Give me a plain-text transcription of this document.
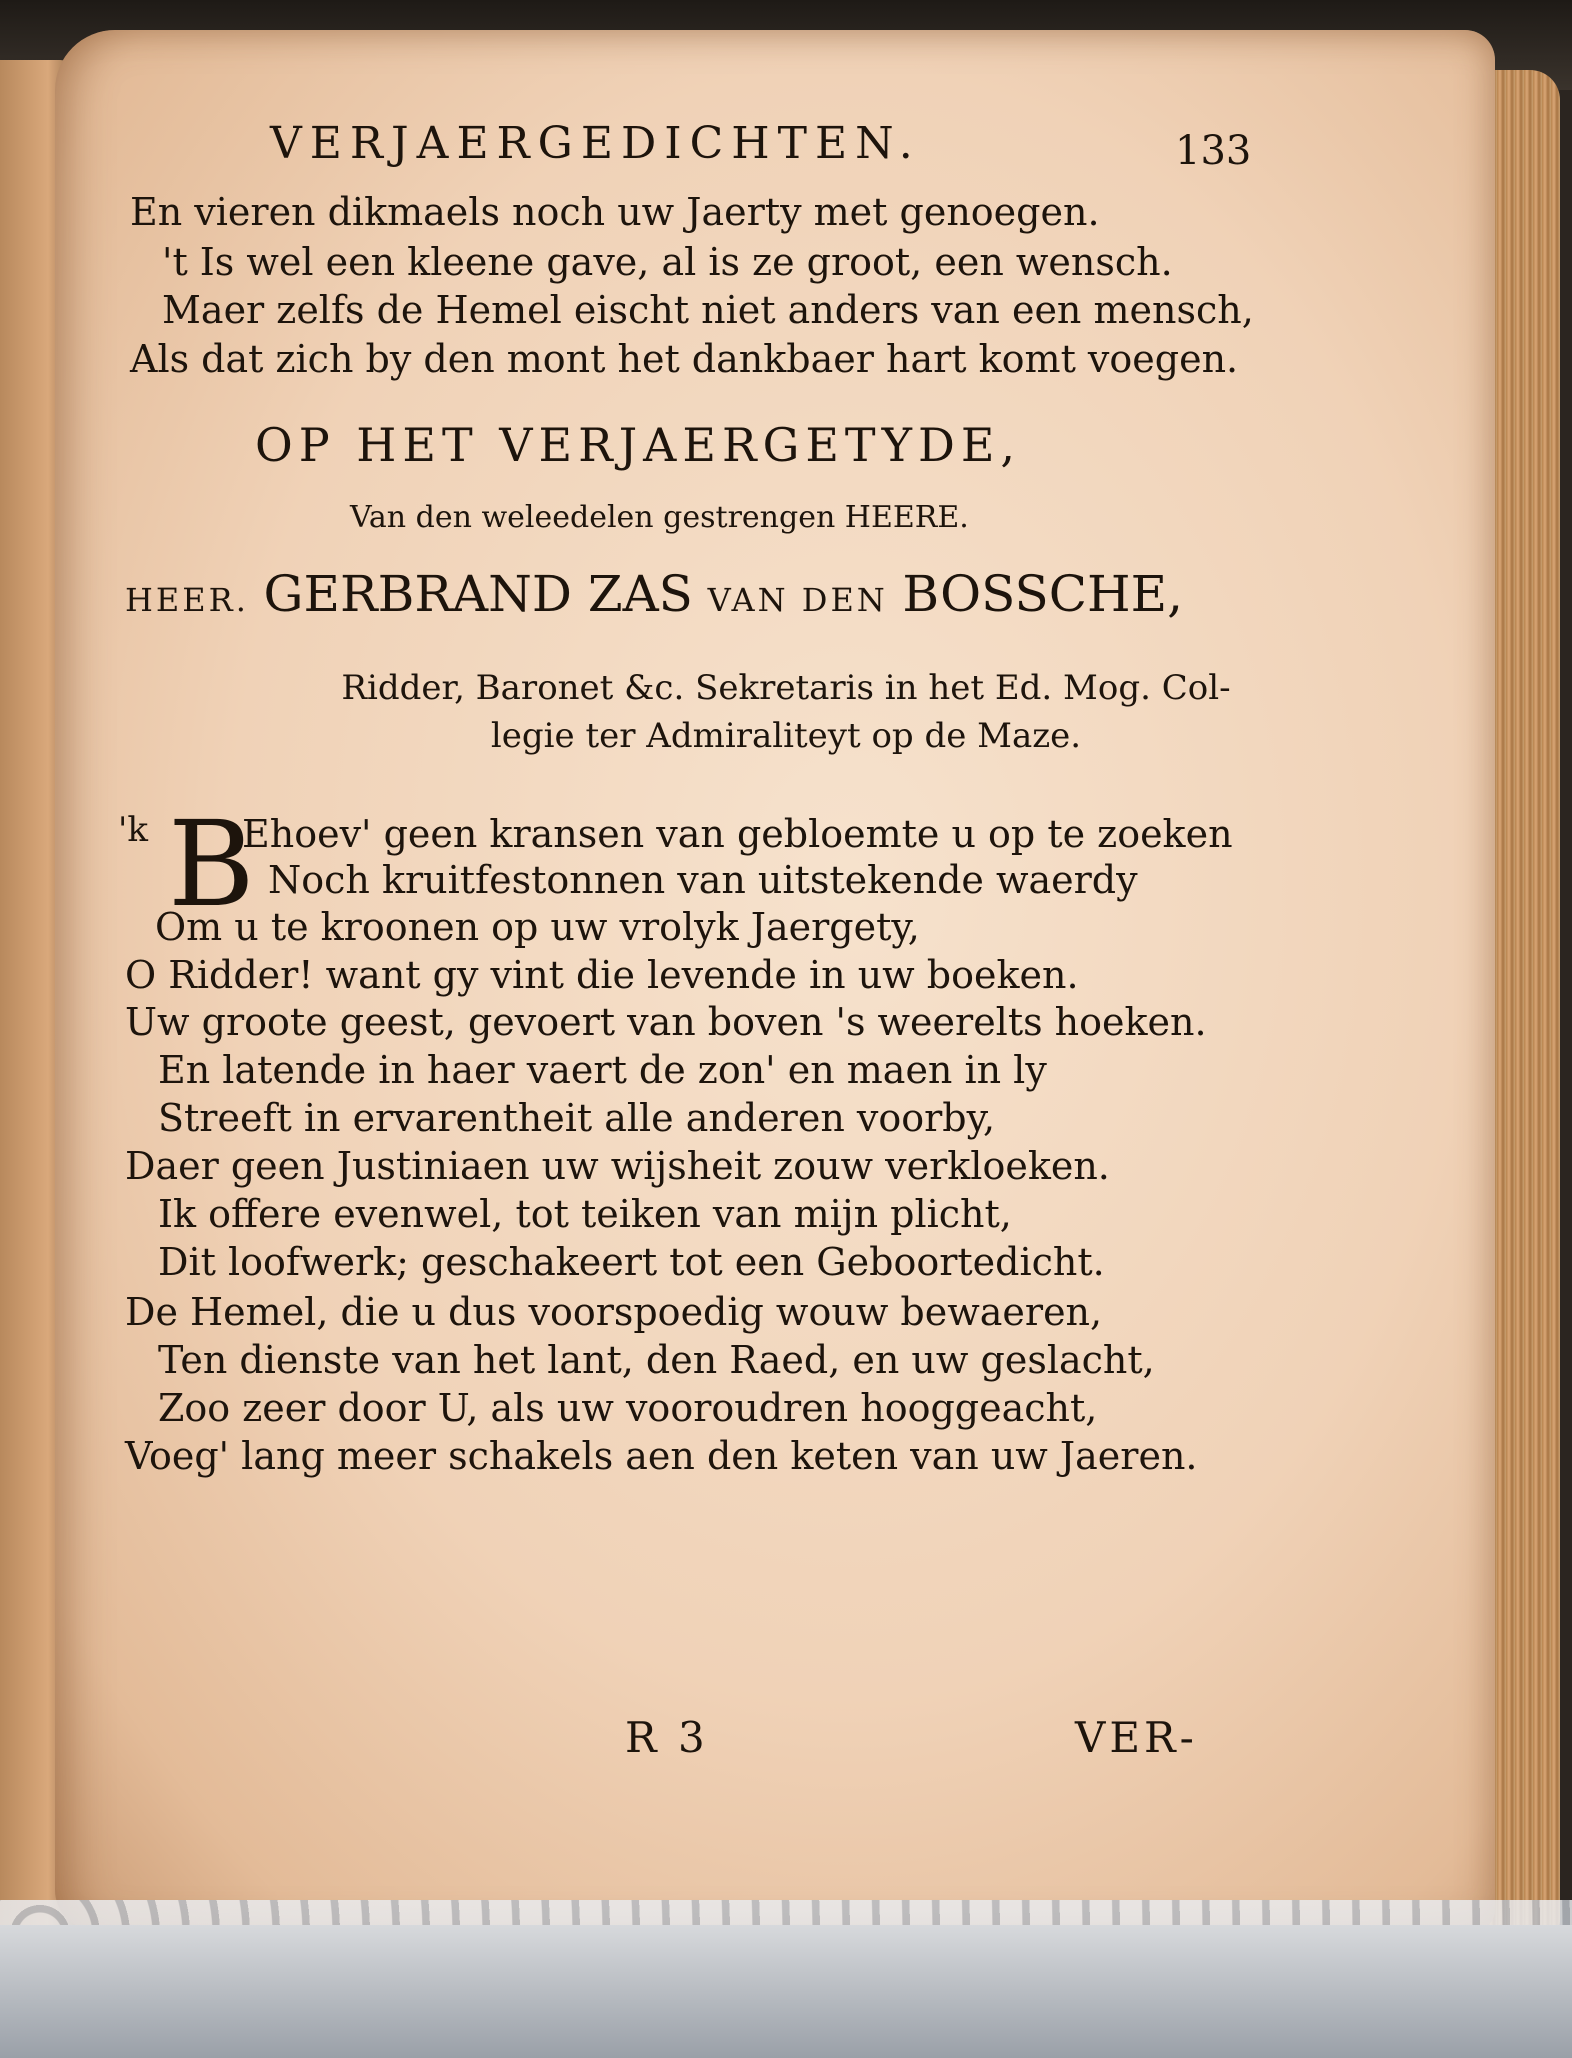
VERJAERGEDICHTEN.	133
En vieren dikmaels noch uw Jaerty met genoegen.
't Is wel een kleene gave, al is ze groot, een wensch.
Maer zelfs de Hemel eischt niet anders van een mensch,
Als dat zich by den mont het dankbaer hart komt voegen.
OP HET VERJAERGETYDE,
Van den weleedelen gestrengen HEERE.
HEER. GERBRAND ZAS VAN DEN BOSSCHE,
Ridder, Baronet &c. Sekretaris in het Ed. Mog. Col-
legie ter Admiraliteyt op de Maze.
'k B
Ehoev' geen kransen van gebloemte u op te zoeken
Noch kruitfestonnen van uitstekende waerdy
Om u te kroonen op uw vrolyk Jaergety,
O Ridder! want gy vint die levende in uw boeken.
Uw groote geest, gevoert van boven 's weerelts hoeken.
En latende in haer vaert de zon' en maen in ly
Streeft in ervarentheit alle anderen voorby,
Daer geen Justiniaen uw wijsheit zouw verkloeken.
Ik offere evenwel, tot teiken van mijn plicht,
Dit loofwerk; geschakeert tot een Geboortedicht.
De Hemel, die u dus voorspoedig wouw bewaeren,
Ten dienste van het lant, den Raed, en uw geslacht,
Zoo zeer door U, als uw vooroudren hooggeacht,
Voeg' lang meer schakels aen den keten van uw Jaeren.
R 3	VER-
